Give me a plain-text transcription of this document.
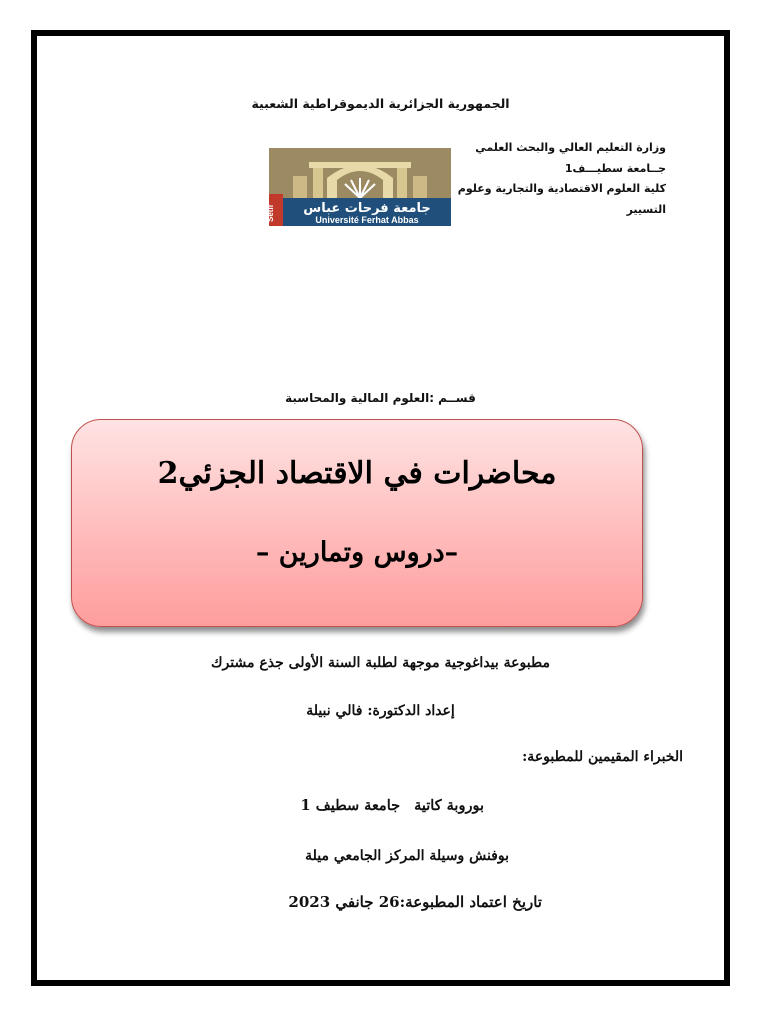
الجمهورية الجزائرية الديموقراطية الشعبية
وزارة التعليم العالي والبحث العلمي
جــامعة سطيـــف1
كلية العلوم الاقتصادية والتجارية وعلوم
التسيير
Sétif جامعة فرحات عباس
Université Ferhat Abbas
قســم :العلوم المالية والمحاسبة
محاضرات في الاقتصاد الجزئي2
–دروس وتمارين –
مطبوعة بيداغوجية موجهة لطلبة السنة الأولى جذع مشترك
إعداد الدكتورة: فالي نبيلة
الخبراء المقيمين للمطبوعة:
بوروبة كاتيةجامعة سطيف 1
بوفنش وسيلة المركز الجامعي ميلة
تاريخ اعتماد المطبوعة:26 جانفي 2023
